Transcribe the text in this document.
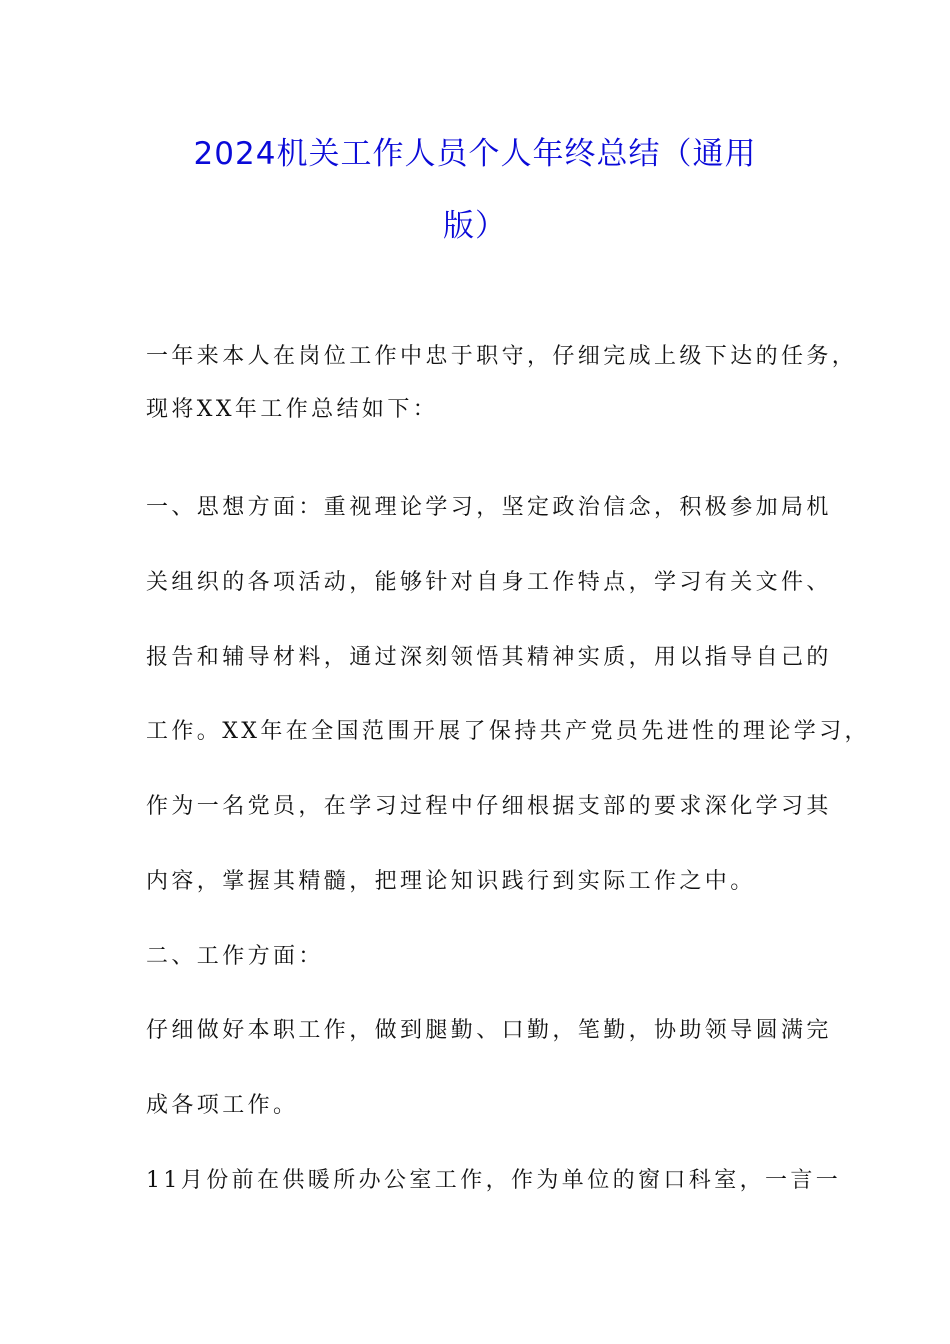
2024机关工作人员个人年终总结（通用
版）

一年来本人在岗位工作中忠于职守，仔细完成上级下达的任务，

现将XX年工作总结如下：

一、思想方面：重视理论学习，坚定政治信念，积极参加局机

关组织的各项活动，能够针对自身工作特点，学习有关文件、

报告和辅导材料，通过深刻领悟其精神实质，用以指导自己的

工作。XX年在全国范围开展了保持共产党员先进性的理论学习，

作为一名党员，在学习过程中仔细根据支部的要求深化学习其

内容，掌握其精髓，把理论知识践行到实际工作之中。

二、工作方面：

仔细做好本职工作，做到腿勤、口勤，笔勤，协助领导圆满完

成各项工作。

11月份前在供暖所办公室工作，作为单位的窗口科室，一言一
